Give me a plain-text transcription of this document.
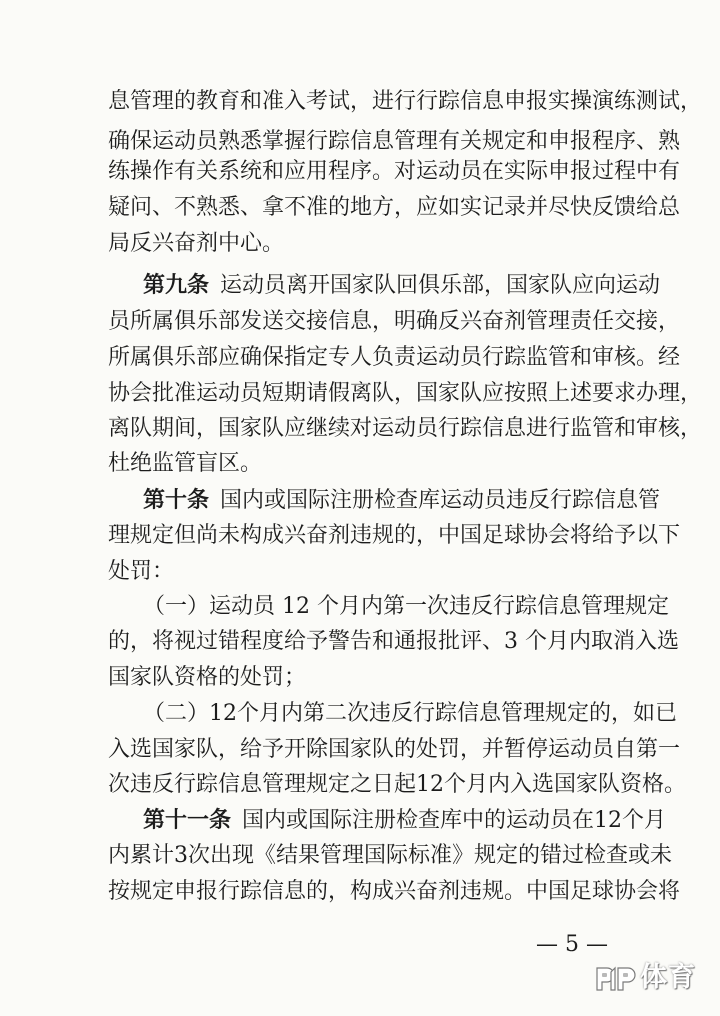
息管理的教育和准入考试，进行行踪信息申报实操演练测试，
确保运动员熟悉掌握行踪信息管理有关规定和申报程序、熟
练操作有关系统和应用程序。对运动员在实际申报过程中有
疑问、不熟悉、拿不准的地方，应如实记录并尽快反馈给总
局反兴奋剂中心。
第九条  运动员离开国家队回俱乐部，国家队应向运动
员所属俱乐部发送交接信息，明确反兴奋剂管理责任交接，
所属俱乐部应确保指定专人负责运动员行踪监管和审核。经
协会批准运动员短期请假离队，国家队应按照上述要求办理，
离队期间，国家队应继续对运动员行踪信息进行监管和审核，
杜绝监管盲区。
第十条  国内或国际注册检查库运动员违反行踪信息管
理规定但尚未构成兴奋剂违规的，中国足球协会将给予以下
处罚：
（一）运动员 12 个月内第一次违反行踪信息管理规定
的，将视过错程度给予警告和通报批评、3 个月内取消入选
国家队资格的处罚；
（二）12个月内第二次违反行踪信息管理规定的，如已
入选国家队，给予开除国家队的处罚，并暂停运动员自第一
次违反行踪信息管理规定之日起12个月内入选国家队资格。
第十一条  国内或国际注册检查库中的运动员在12个月
内累计3次出现《结果管理国际标准》规定的错过检查或未
按规定申报行踪信息的，构成兴奋剂违规。中国足球协会将
— 5 —
体育
